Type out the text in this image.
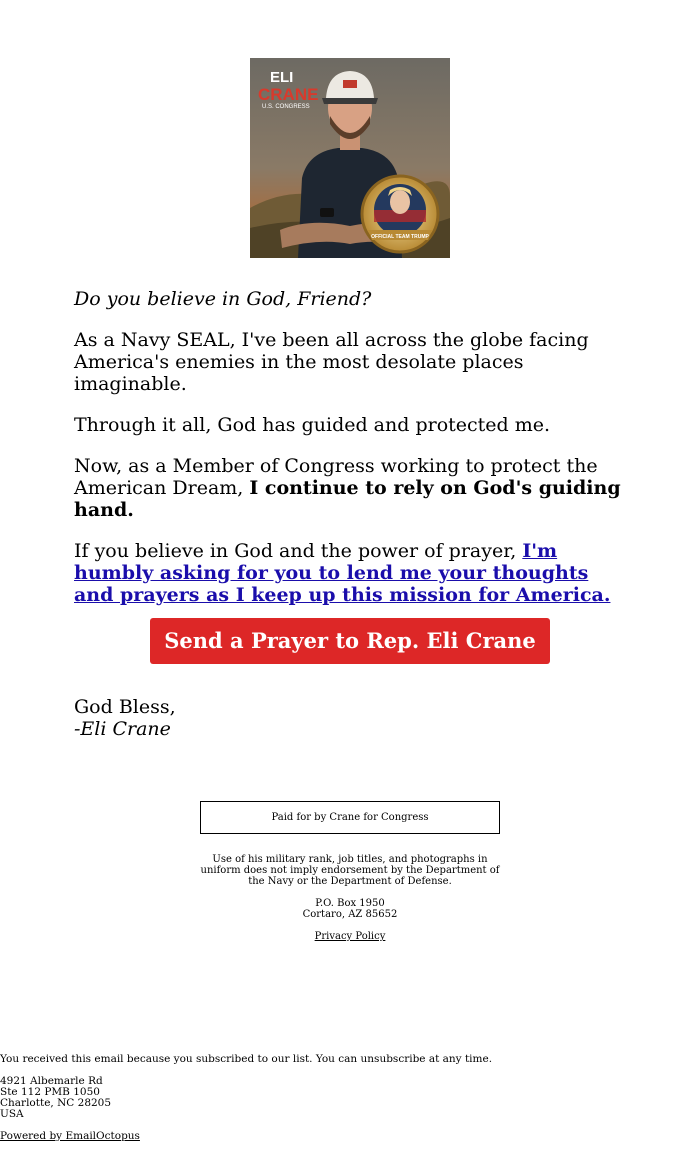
ELI
CRANE
U.S. CONGRESS
OFFICIAL TEAM TRUMP

Do you believe in God, Friend?

As a Navy SEAL, I've been all across the globe facing America's enemies in the most desolate places imaginable.

Through it all, God has guided and protected me.

Now, as a Member of Congress working to protect the American Dream, I continue to rely on God's guiding hand.

If you believe in God and the power of prayer, I'm humbly asking for you to lend me your thoughts and prayers as I keep up this mission for America.

Send a Prayer to Rep. Eli Crane >>
God Bless,
-Eli Crane
Paid for by Crane for Congress

Use of his military rank, job titles, and photographs in uniform does not imply endorsement by the Department of the Navy or the Department of Defense.

P.O. Box 1950
Cortaro, AZ 85652

Privacy Policy

You received this email because you subscribed to our list. You can unsubscribe at any time.

4921 Albemarle Rd
Ste 112 PMB 1050
Charlotte, NC 28205
USA

Powered by EmailOctopus
